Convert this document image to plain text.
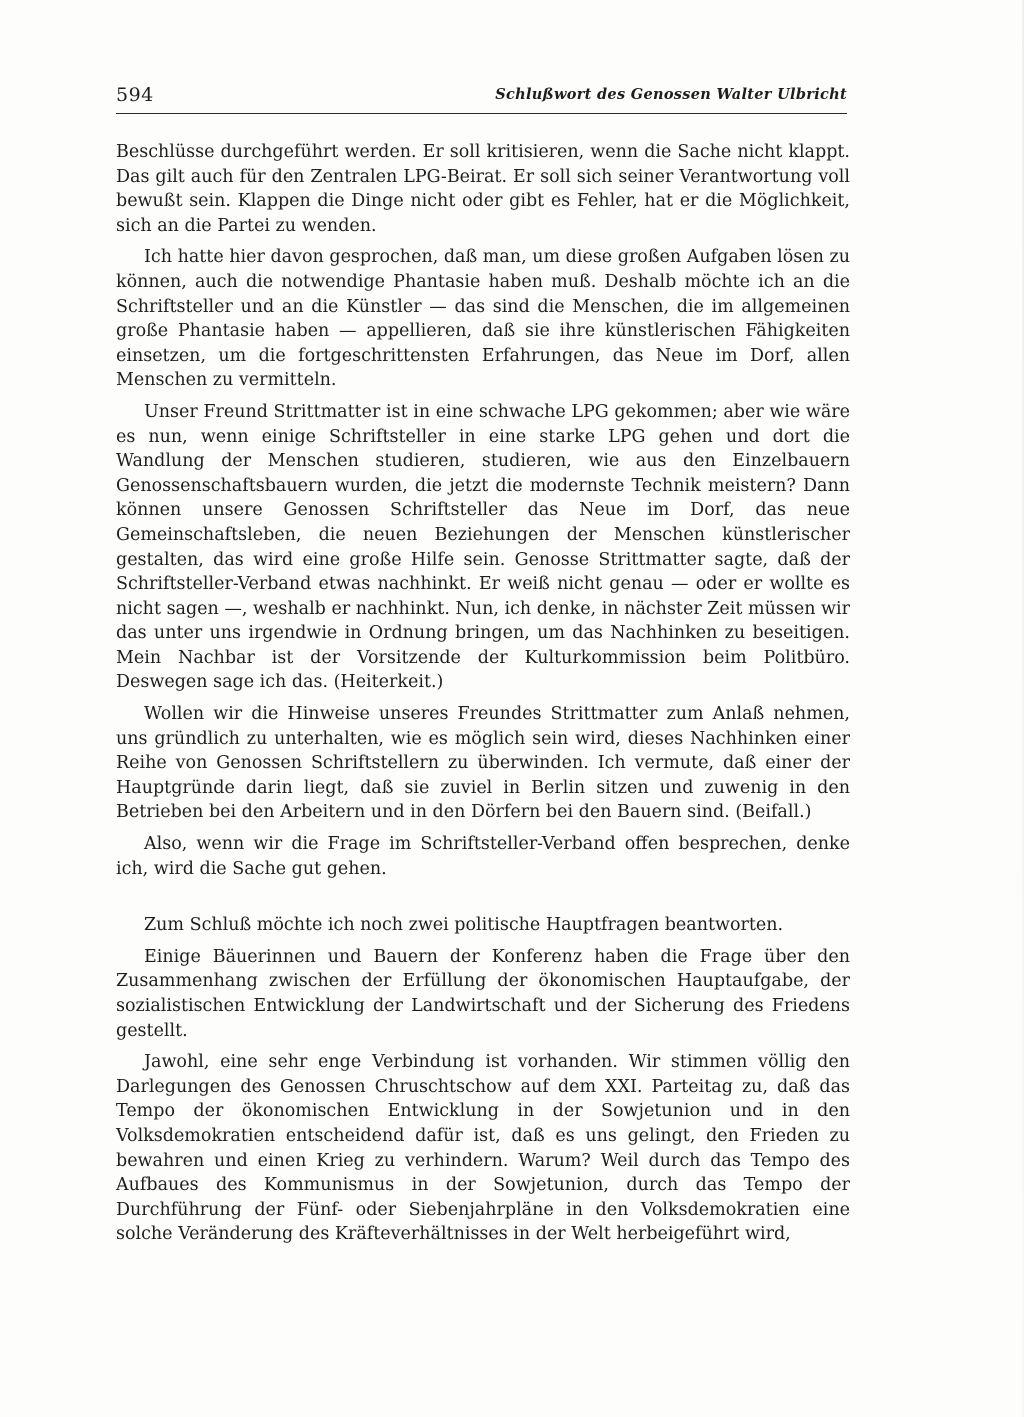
594	Schlußwort des Genossen Walter Ulbricht

Beschlüsse durchgeführt werden. Er soll kritisieren, wenn die Sache nicht klappt. Das gilt auch für den Zentralen LPG-Beirat. Er soll sich seiner Verantwortung voll bewußt sein. Klappen die Dinge nicht oder gibt es Fehler, hat er die Möglichkeit, sich an die Partei zu wenden.

Ich hatte hier davon gesprochen, daß man, um diese großen Aufgaben lösen zu können, auch die notwendige Phantasie haben muß. Deshalb möchte ich an die Schriftsteller und an die Künstler — das sind die Menschen, die im allgemeinen große Phantasie haben — appellieren, daß sie ihre künstlerischen Fähigkeiten einsetzen, um die fortgeschrittensten Erfahrungen, das Neue im Dorf, allen Menschen zu vermitteln.

Unser Freund Strittmatter ist in eine schwache LPG gekommen; aber wie wäre es nun, wenn einige Schriftsteller in eine starke LPG gehen und dort die Wandlung der Menschen studieren, studieren, wie aus den Einzelbauern Genossenschaftsbauern wurden, die jetzt die modernste Technik meistern? Dann können unsere Genossen Schriftsteller das Neue im Dorf, das neue Gemeinschaftsleben, die neuen Beziehungen der Menschen künstlerischer gestalten, das wird eine große Hilfe sein. Genosse Strittmatter sagte, daß der Schriftsteller-Verband etwas nachhinkt. Er weiß nicht genau — oder er wollte es nicht sagen —, weshalb er nachhinkt. Nun, ich denke, in nächster Zeit müssen wir das unter uns irgendwie in Ordnung bringen, um das Nachhinken zu beseitigen. Mein Nachbar ist der Vorsitzende der Kulturkommission beim Politbüro. Deswegen sage ich das. (Heiterkeit.)

Wollen wir die Hinweise unseres Freundes Strittmatter zum Anlaß nehmen, uns gründlich zu unterhalten, wie es möglich sein wird, dieses Nachhinken einer Reihe von Genossen Schriftstellern zu überwinden. Ich vermute, daß einer der Hauptgründe darin liegt, daß sie zuviel in Berlin sitzen und zuwenig in den Betrieben bei den Arbeitern und in den Dörfern bei den Bauern sind. (Beifall.)

Also, wenn wir die Frage im Schriftsteller-Verband offen besprechen, denke ich, wird die Sache gut gehen.

Zum Schluß möchte ich noch zwei politische Hauptfragen beantworten.

Einige Bäuerinnen und Bauern der Konferenz haben die Frage über den Zusammenhang zwischen der Erfüllung der ökonomischen Hauptaufgabe, der sozialistischen Entwicklung der Landwirtschaft und der Sicherung des Friedens gestellt.

Jawohl, eine sehr enge Verbindung ist vorhanden. Wir stimmen völlig den Darlegungen des Genossen Chruschtschow auf dem XXI. Parteitag zu, daß das Tempo der ökonomischen Entwicklung in der Sowjetunion und in den Volksdemokratien entscheidend dafür ist, daß es uns gelingt, den Frieden zu bewahren und einen Krieg zu verhindern. Warum? Weil durch das Tempo des Aufbaues des Kommunismus in der Sowjetunion, durch das Tempo der Durchführung der Fünf- oder Siebenjahrpläne in den Volksdemokratien eine solche Veränderung des Kräfteverhältnisses in der Welt herbeigeführt wird,
